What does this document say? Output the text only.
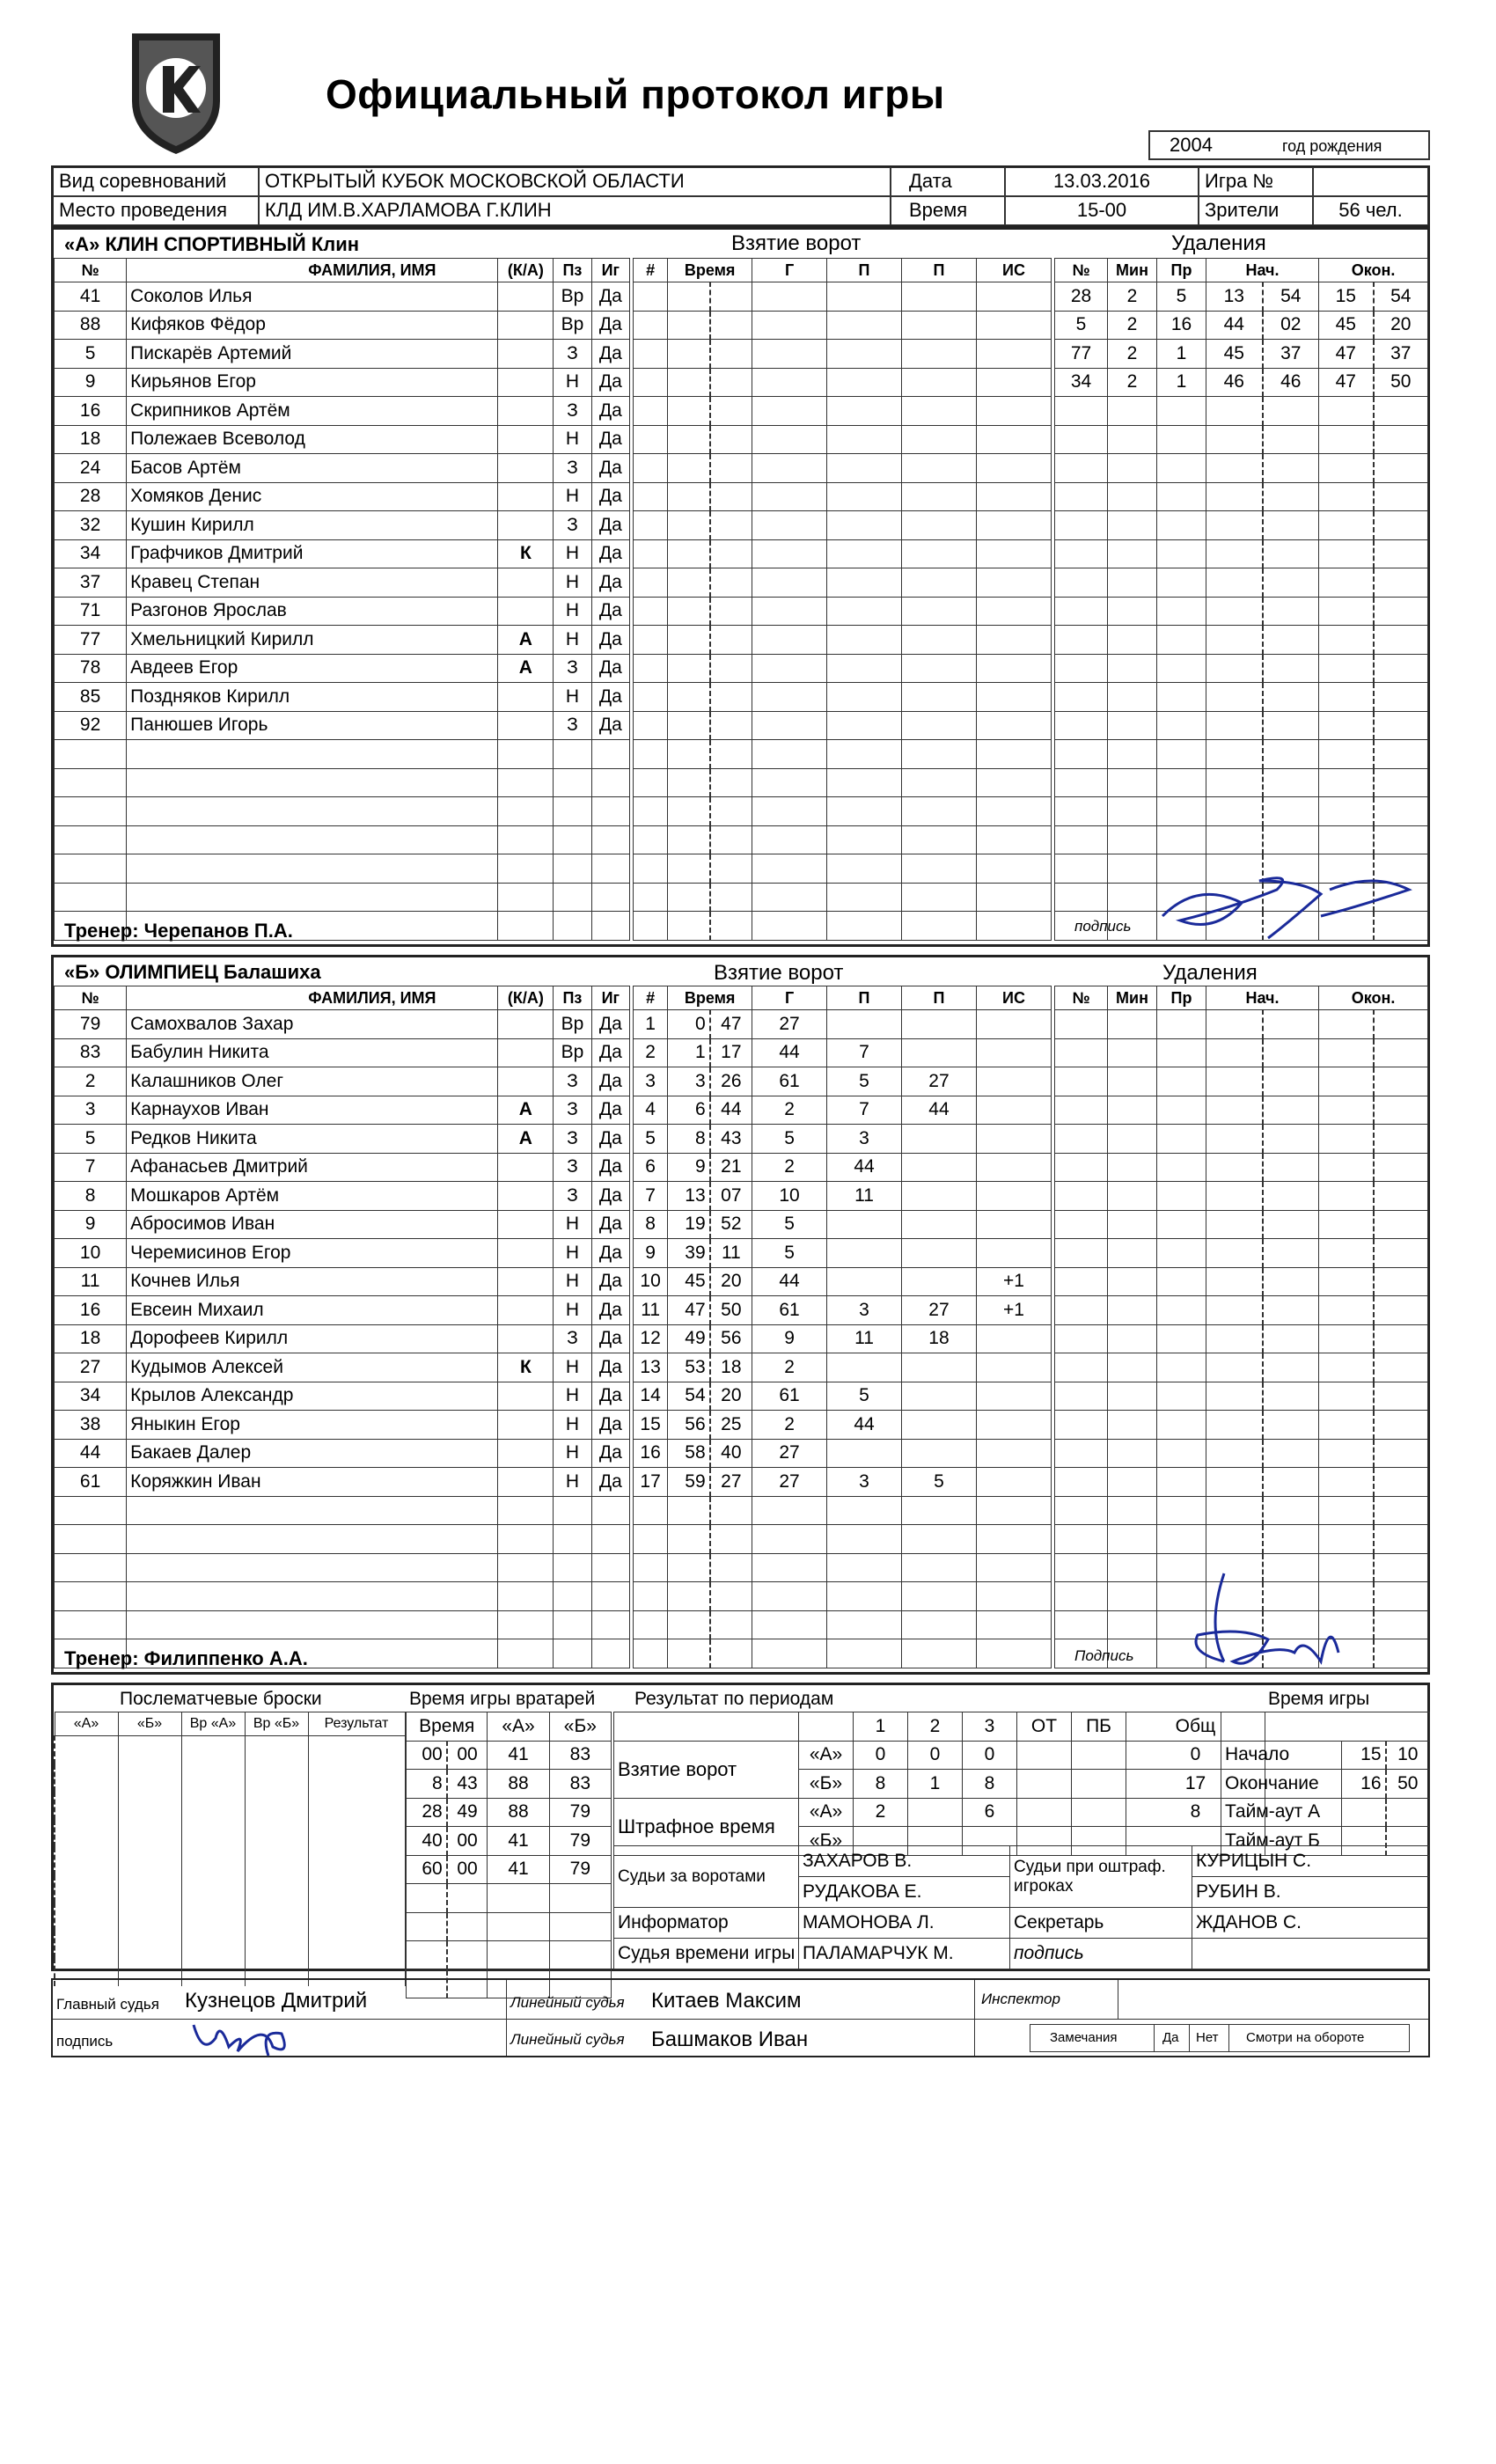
Официальный протокол игры
2004	год рождения
Вид соревнований	ОТКРЫТЫЙ КУБОК МОСКОВСКОЙ ОБЛАСТИ	Дата	13.03.2016	Игра №
Место проведения	КЛД ИМ.В.ХАРЛАМОВА Г.КЛИН	Время	15-00	Зрители	56 чел.
«А» КЛИН СПОРТИВНЫЙ Клин	Взятие ворот	Удаления
№	ФАМИЛИЯ, ИМЯ	(К/А)	Пз	Иг
41	Соколов Илья		Вр	Да
88	Кифяков Фёдор		Вр	Да
5	Пискарёв Артемий		З	Да
9	Кирьянов Егор		Н	Да
16	Скрипников Артём		З	Да
18	Полежаев Всеволод		Н	Да
24	Басов Артём		З	Да
28	Хомяков Денис		Н	Да
32	Кушин Кирилл		З	Да
34	Графчиков Дмитрий	К	Н	Да
37	Кравец Степан		Н	Да
71	Разгонов Ярослав		Н	Да
77	Хмельницкий Кирилл	А	Н	Да
78	Авдеев Егор	А	З	Да
85	Поздняков Кирилл		Н	Да
92	Панюшев Игорь		З	Да

#	Время		Г	П	П	ИС

							№	Мин	Пр	Нач.		Окон.	
28	2	5	13	54	15	54
5	2	16	44	02	45	20
77	2	1	45	37	47	37
34	2	1	46	46	47	50

Тренер: Черепанов П.А.	подпись
«Б» ОЛИМПИЕЦ Балашиха	Взятие ворот	Удаления
№	ФАМИЛИЯ, ИМЯ	(К/А)	Пз	Иг
79	Самохвалов Захар		Вр	Да
83	Бабулин Никита		Вр	Да
2	Калашников Олег		З	Да
3	Карнаухов Иван	А	З	Да
5	Редков Никита	А	З	Да
7	Афанасьев Дмитрий		З	Да
8	Мошкаров Артём		З	Да
9	Абросимов Иван		Н	Да
10	Черемисинов Егор		Н	Да
11	Кочнев Илья		Н	Да
16	Евсеин Михаил		Н	Да
18	Дорофеев Кирилл		З	Да
27	Кудымов Алексей	К	Н	Да
34	Крылов Александр		Н	Да
38	Яныкин Егор		Н	Да
44	Бакаев Далер		Н	Да
61	Коряжкин Иван		Н	Да

#	Время		Г	П	П	ИС
1	0	47	27			
2	1	17	44	7		
3	3	26	61	5	27	
4	6	44	2	7	44	
5	8	43	5	3		
6	9	21	2	44		
7	13	07	10	11		
8	19	52	5			
9	39	11	5			
10	45	20	44			+1
11	47	50	61	3	27	+1
12	49	56	9	11	18	
13	53	18	2			
14	54	20	61	5		
15	56	25	2	44		
16	58	40	27			
17	59	27	27	3	5	

№	Мин	Пр	Нач.		Окон.	

Тренер: Филиппенко А.А.	Подпись
Послематчевые броски
«А»	«Б»	Вр «А»	Вр «Б»	Результат

Время игры вратарей
Время		«А»	«Б»
00	00	41	83
8	43	88	83
28	49	88	79
40	00	41	79
60	00	41	79

Результат по периодам
		1	2	3	ОТ	ПБ	Общ
Взятие ворот	«А»	0	0	0			0
	«Б»	8	1	8			17
Штрафное время	«А»	2		6			8
	«Б»						
Время игры

Начало	15	10
Окончание	16	50
Тайм-аут А		
Тайм-аут Б		
Судьи за воротами	ЗАХАРОВ В.	Судьи при оштраф. игроках	КУРИЦЫН С.
	РУДАКОВА Е.		РУБИН В.
Информатор	МАМОНОВА Л.	Секретарь	ЖДАНОВ С.
Судья времени игры	ПАЛАМАРЧУК М.	подпись	
Главный судья Кузнецов Дмитрий	Линейный судья Китаев Максим	Инспектор
подпись	Линейный судья Башмаков Иван	Замечания	Да Нет Смотри на обороте
